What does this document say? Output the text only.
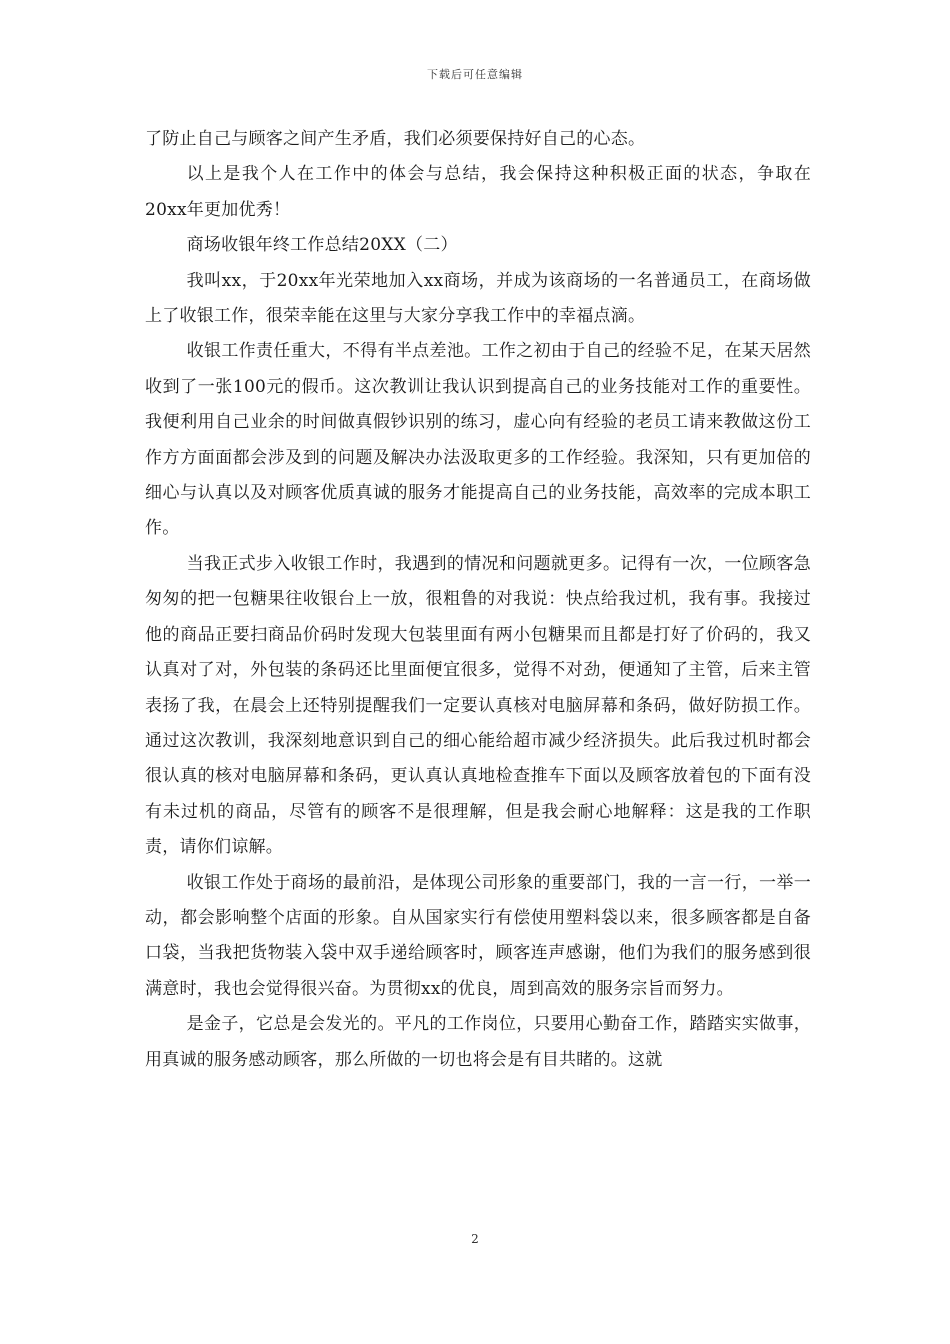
下载后可任意编辑

了防止自己与顾客之间产生矛盾，我们必须要保持好自己的心态。

以上是我个人在工作中的体会与总结，我会保持这种积极正面的状态，争取在20xx年更加优秀！

商场收银年终工作总结20XX（二）

我叫xx，于20xx年光荣地加入xx商场，并成为该商场的一名普通员工，在商场做上了收银工作，很荣幸能在这里与大家分享我工作中的幸福点滴。

收银工作责任重大，不得有半点差池。工作之初由于自己的经验不足，在某天居然收到了一张100元的假币。这次教训让我认识到提高自己的业务技能对工作的重要性。我便利用自己业余的时间做真假钞识别的练习，虚心向有经验的老员工请来教做这份工作方方面面都会涉及到的问题及解决办法汲取更多的工作经验。我深知，只有更加倍的细心与认真以及对顾客优质真诚的服务才能提高自己的业务技能，高效率的完成本职工作。

当我正式步入收银工作时，我遇到的情况和问题就更多。记得有一次，一位顾客急匆匆的把一包糖果往收银台上一放，很粗鲁的对我说：快点给我过机，我有事。我接过他的商品正要扫商品价码时发现大包装里面有两小包糖果而且都是打好了价码的，我又认真对了对，外包装的条码还比里面便宜很多，觉得不对劲，便通知了主管，后来主管表扬了我，在晨会上还特别提醒我们一定要认真核对电脑屏幕和条码，做好防损工作。通过这次教训，我深刻地意识到自己的细心能给超市减少经济损失。此后我过机时都会很认真的核对电脑屏幕和条码，更认真认真地检查推车下面以及顾客放着包的下面有没有未过机的商品，尽管有的顾客不是很理解，但是我会耐心地解释：这是我的工作职责，请你们谅解。

收银工作处于商场的最前沿，是体现公司形象的重要部门，我的一言一行，一举一动，都会影响整个店面的形象。自从国家实行有偿使用塑料袋以来，很多顾客都是自备口袋，当我把货物装入袋中双手递给顾客时，顾客连声感谢，他们为我们的服务感到很满意时，我也会觉得很兴奋。为贯彻xx的优良，周到高效的服务宗旨而努力。

是金子，它总是会发光的。平凡的工作岗位，只要用心勤奋工作，踏踏实实做事，用真诚的服务感动顾客，那么所做的一切也将会是有目共睹的。这就

2
